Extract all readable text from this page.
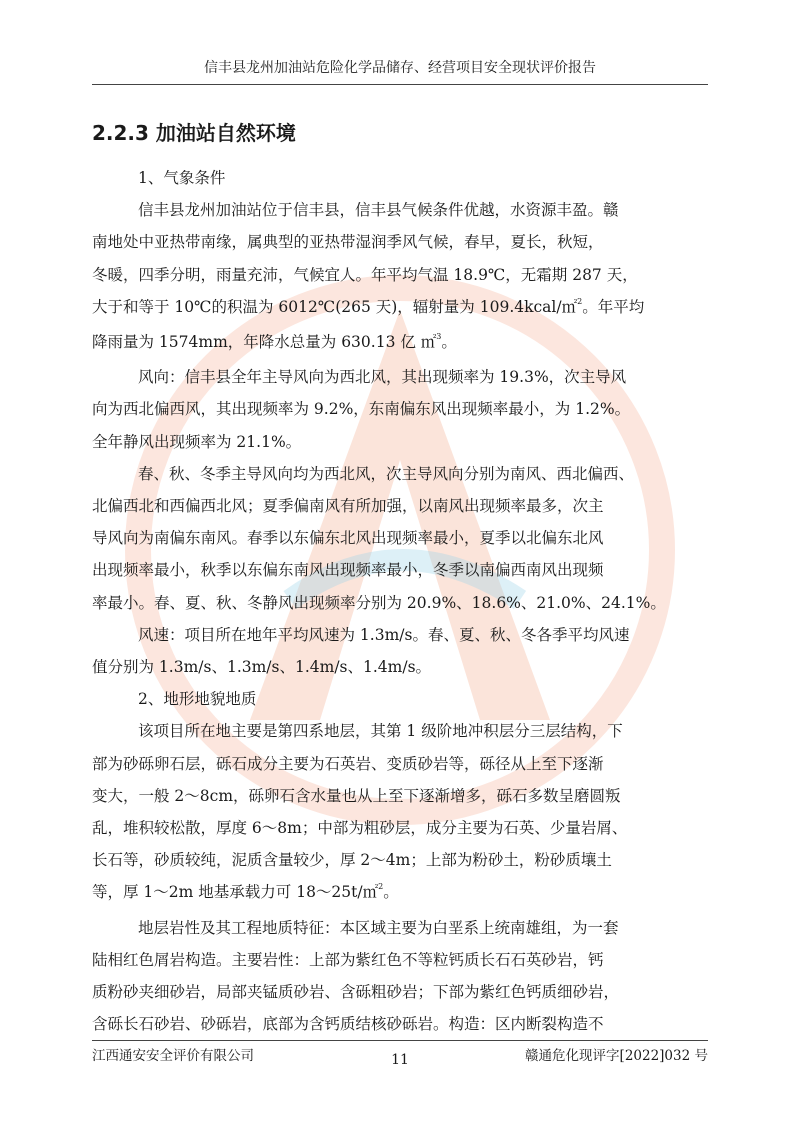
信丰县龙州加油站危险化学品储存、经营项目安全现状评价报告
2.2.3 加油站自然环境

1、气象条件

信丰县龙州加油站位于信丰县，信丰县气候条件优越，水资源丰盈。赣
南地处中亚热带南缘，属典型的亚热带湿润季风气候，春早，夏长，秋短，
冬暖，四季分明，雨量充沛，气候宜人。年平均气温 18.9℃，无霜期 287 天，
大于和等于 10℃的积温为 6012℃(265 天)，辐射量为 109.4kcal/㎡$^2$。年平均
降雨量为 1574mm，年降水总量为 630.13 亿 ㎡$^3$。

风向：信丰县全年主导风向为西北风，其出现频率为 19.3%，次主导风
向为西北偏西风，其出现频率为 9.2%，东南偏东风出现频率最小，为 1.2%。
全年静风出现频率为 21.1%。

春、秋、冬季主导风向均为西北风，次主导风向分别为南风、西北偏西、
北偏西北和西偏西北风；夏季偏南风有所加强，以南风出现频率最多，次主
导风向为南偏东南风。春季以东偏东北风出现频率最小，夏季以北偏东北风
出现频率最小，秋季以东偏东南风出现频率最小，冬季以南偏西南风出现频
率最小。春、夏、秋、冬静风出现频率分别为 20.9%、18.6%、21.0%、24.1%。

风速：项目所在地年平均风速为 1.3m/s。春、夏、秋、冬各季平均风速
值分别为 1.3m/s、1.3m/s、1.4m/s、1.4m/s。

2、地形地貌地质

该项目所在地主要是第四系地层，其第 1 级阶地冲积层分三层结构，下
部为砂砾卵石层，砾石成分主要为石英岩、变质砂岩等，砾径从上至下逐渐
变大，一般 2～8cm，砾卵石含水量也从上至下逐渐增多，砾石多数呈磨圆叛
乱，堆积较松散，厚度 6～8m；中部为粗砂层，成分主要为石英、少量岩屑、
长石等，砂质较纯，泥质含量较少，厚 2～4m；上部为粉砂土，粉砂质壤土
等，厚 1～2m 地基承载力可 18～25t/㎡$^2$。

地层岩性及其工程地质特征：本区域主要为白垩系上统南雄组，为一套
陆相红色屑岩构造。主要岩性：上部为紫红色不等粒钙质长石石英砂岩，钙
质粉砂夹细砂岩，局部夹锰质砂岩、含砾粗砂岩；下部为紫红色钙质细砂岩，
含砾长石砂岩、砂砾岩，底部为含钙质结核砂砾岩。构造：区内断裂构造不

江西通安安全评价有限公司	11	赣通危化现评字[2022]032 号
